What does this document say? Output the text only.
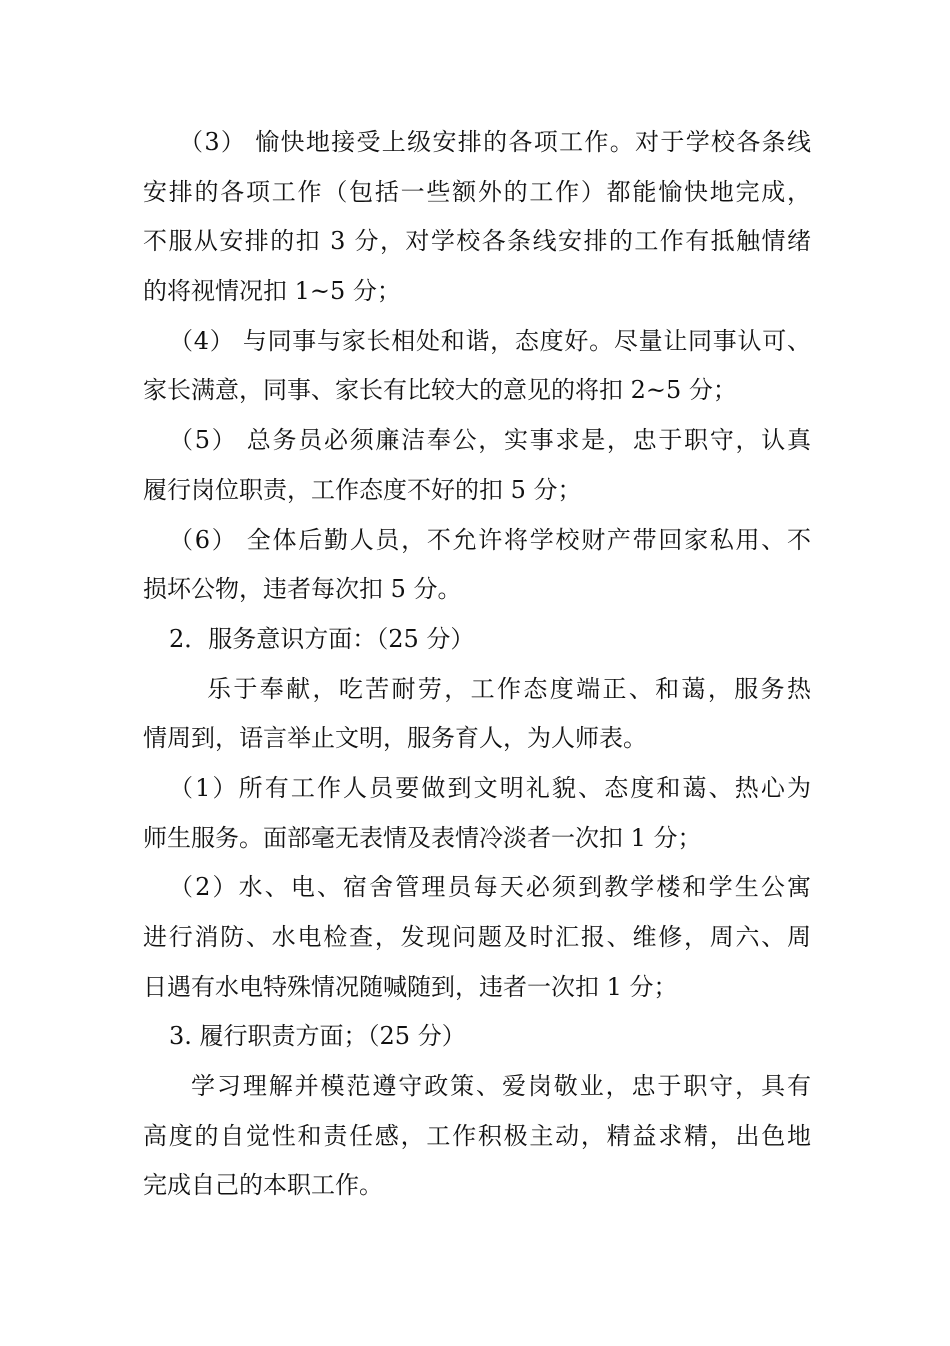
（3） 愉快地接受上级安排的各项工作。对于学校各条线
安排的各项工作（包括一些额外的工作）都能愉快地完成，
不服从安排的扣 3 分，对学校各条线安排的工作有抵触情绪
的将视情况扣 1~5 分；
（4） 与同事与家长相处和谐，态度好。尽量让同事认可、
家长满意，同事、家长有比较大的意见的将扣 2~5 分；
（5） 总务员必须廉洁奉公，实事求是，忠于职守，认真
履行岗位职责，工作态度不好的扣 5 分；
（6） 全体后勤人员，不允许将学校财产带回家私用、不
损坏公物，违者每次扣 5 分。
2．服务意识方面：（25 分）
乐于奉献，吃苦耐劳，工作态度端正、和蔼，服务热
情周到，语言举止文明，服务育人，为人师表。
（1）所有工作人员要做到文明礼貌、态度和蔼、热心为
师生服务。面部毫无表情及表情冷淡者一次扣 1 分；
（2）水、电、宿舍管理员每天必须到教学楼和学生公寓
进行消防、水电检查，发现问题及时汇报、维修，周六、周
日遇有水电特殊情况随喊随到，违者一次扣 1 分；
3. 履行职责方面；（25 分）
学习理解并模范遵守政策、爱岗敬业，忠于职守，具有
高度的自觉性和责任感，工作积极主动，精益求精，出色地
完成自己的本职工作。
